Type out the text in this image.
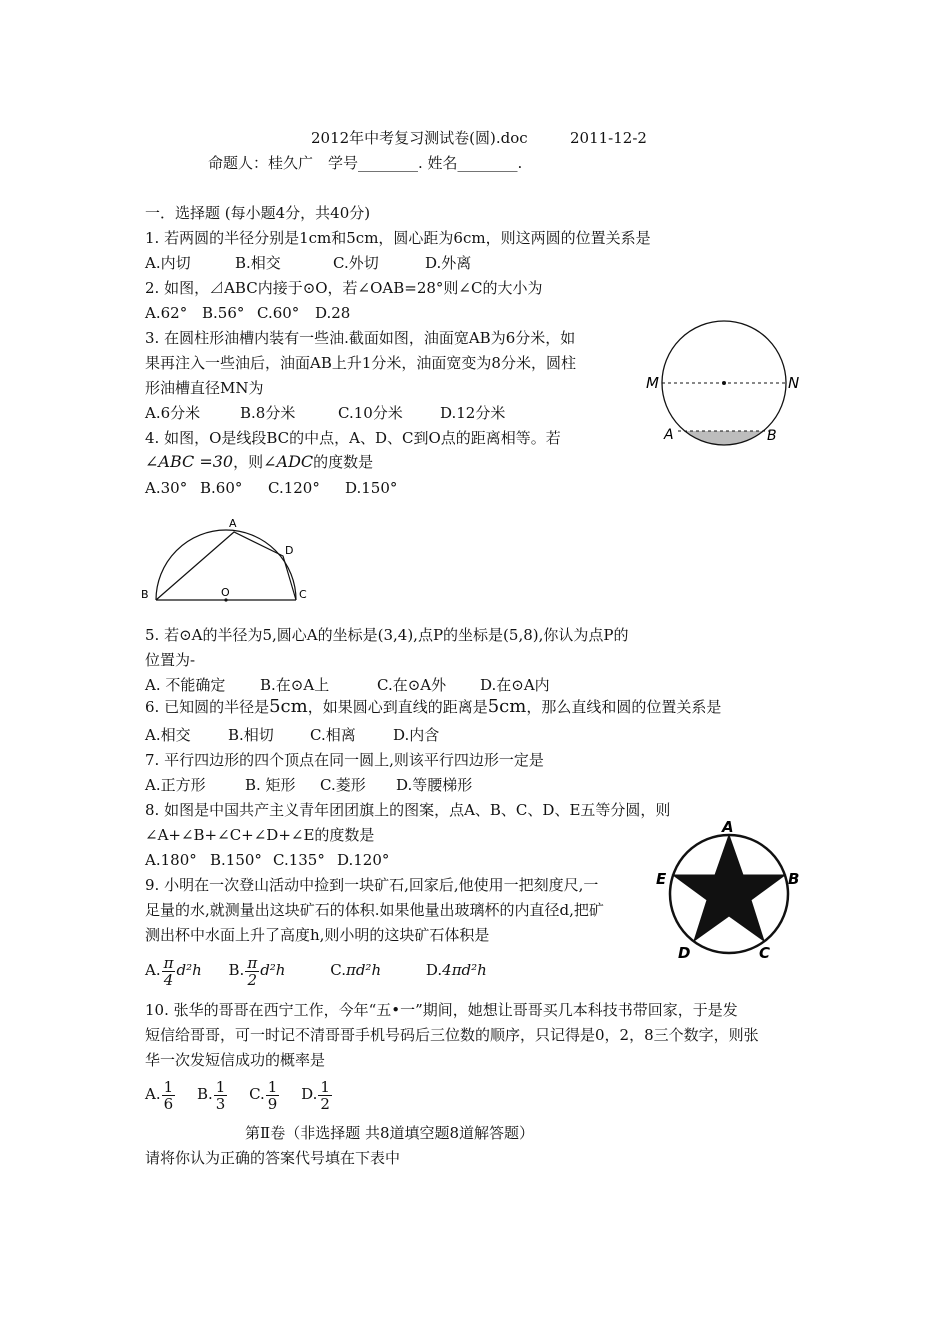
2012年中考复习测试卷(圆).doc	2011-12-2
命题人：桂久广　学号________. 姓名________.
一．选择题 (每小题4分，共40分)
1. 若两圆的半径分别是1cm和5cm，圆心距为6cm，则这两圆的位置关系是
A.内切	B.相交	C.外切	D.外离
2. 如图，⊿ABC内接于⊙O，若∠OAB=28°则∠C的大小为
A.62° B.56° C.60° D.28
3. 在圆柱形油槽内装有一些油.截面如图，油面宽AB为6分米，如
果再注入一些油后，油面AB上升1分米，油面宽变为8分米，圆柱
形油槽直径MN为
A.6分米	B.8分米	C.10分米 D.12分米
M	N
A	B
4. 如图，O是线段BC的中点，A、D、C到O点的距离相等。若
∠ABC =30，则∠ADC的度数是
A.30° B.60° C.120° D.150°
A
D
B	C
O
5. 若⊙A的半径为5,圆心A的坐标是(3,4),点P的坐标是(5,8),你认为点P的
位置为-
A. 不能确定 B.在⊙A上	C.在⊙A外 D.在⊙A内
6. 已知圆的半径是5cm，如果圆心到直线的距离是5cm，那么直线和圆的位置关系是
A.相交 B.相切 C.相离 D.内含
7. 平行四边形的四个顶点在同一圆上,则该平行四边形一定是
A.正方形	B. 矩形 C.菱形 D.等腰梯形
8. 如图是中国共产主义青年团团旗上的图案，点A、B、C、D、E五等分圆，则
∠A+∠B+∠C+∠D+∠E的度数是
A.180° B.150° C.135° D.120°
A
B
C
D
E
9. 小明在一次登山活动中捡到一块矿石,回家后,他使用一把刻度尺,一
足量的水,就测量出这块矿石的体积.如果他量出玻璃杯的内直径d,把矿
测出杯中水面上升了高度h,则小明的这块矿石体积是
A. $\frac{\pi}{4} d^2h$ B. $\frac{\pi}{2} d^2h$	C.πd²h	D.4πd²h
10. 张华的哥哥在西宁工作，今年“五•一”期间，她想让哥哥买几本科技书带回家，于是发
短信给哥哥，可一时记不清哥哥手机号码后三位数的顺序，只记得是0，2，8三个数字，则张
华一次发短信成功的概率是
A. $\frac{1}{6} B$. $\frac{1}{3} C$. $\frac{1}{9} D$. $\frac{1}{2}$
第Ⅱ卷（非选择题 共8道填空题8道解答题）
请将你认为正确的答案代号填在下表中
